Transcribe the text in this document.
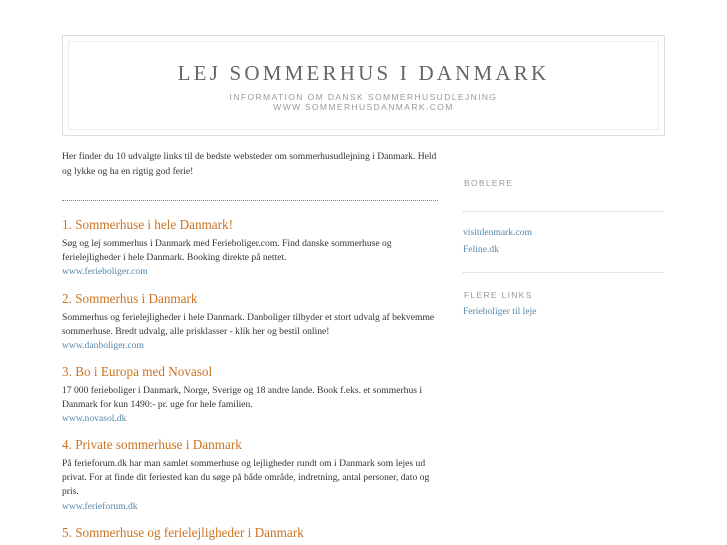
LEJ SOMMERHUS I DANMARK
INFORMATION OM DANSK SOMMERHUSUDLEJNING
WWW.SOMMERHUSDANMARK.COM

Her finder du 10 udvalgte links til de bedste websteder om sommerhusudlejning i Danmark. Held og lykke og ha en rigtig god ferie!

1. Sommerhuse i hele Danmark!

Søg og lej sommerhus i Danmark med Ferieboliger.com. Find danske sommerhuse og ferielejligheder i hele Danmark. Booking direkte på nettet.

www.ferieboliger.com
2. Sommerhus i Danmark

Sommerhus og ferielejligheder i hele Danmark. Danboliger tilbyder et stort udvalg af bekvemme sommerhuse. Bredt udvalg, alle prisklasser - klik her og bestil online!

www.danboliger.com
3. Bo i Europa med Novasol

17 000 ferieboliger i Danmark, Norge, Sverige og 18 andre lande. Book f.eks. et sommerhus i Danmark for kun 1490:- pr. uge for hele familien.

www.novasol.dk
4. Private sommerhuse i Danmark

På ferieforum.dk har man samlet sommerhuse og lejligheder rundt om i Danmark som lejes ud privat. For at finde dit feriested kan du søge på både område, indretning, antal personer, dato og pris.

www.ferieforum.dk
5. Sommerhuse og ferielejligheder i Danmark
BOBLERE
visitdenmark.com
Feline.dk
FLERE LINKS
Ferieboliger til leje
